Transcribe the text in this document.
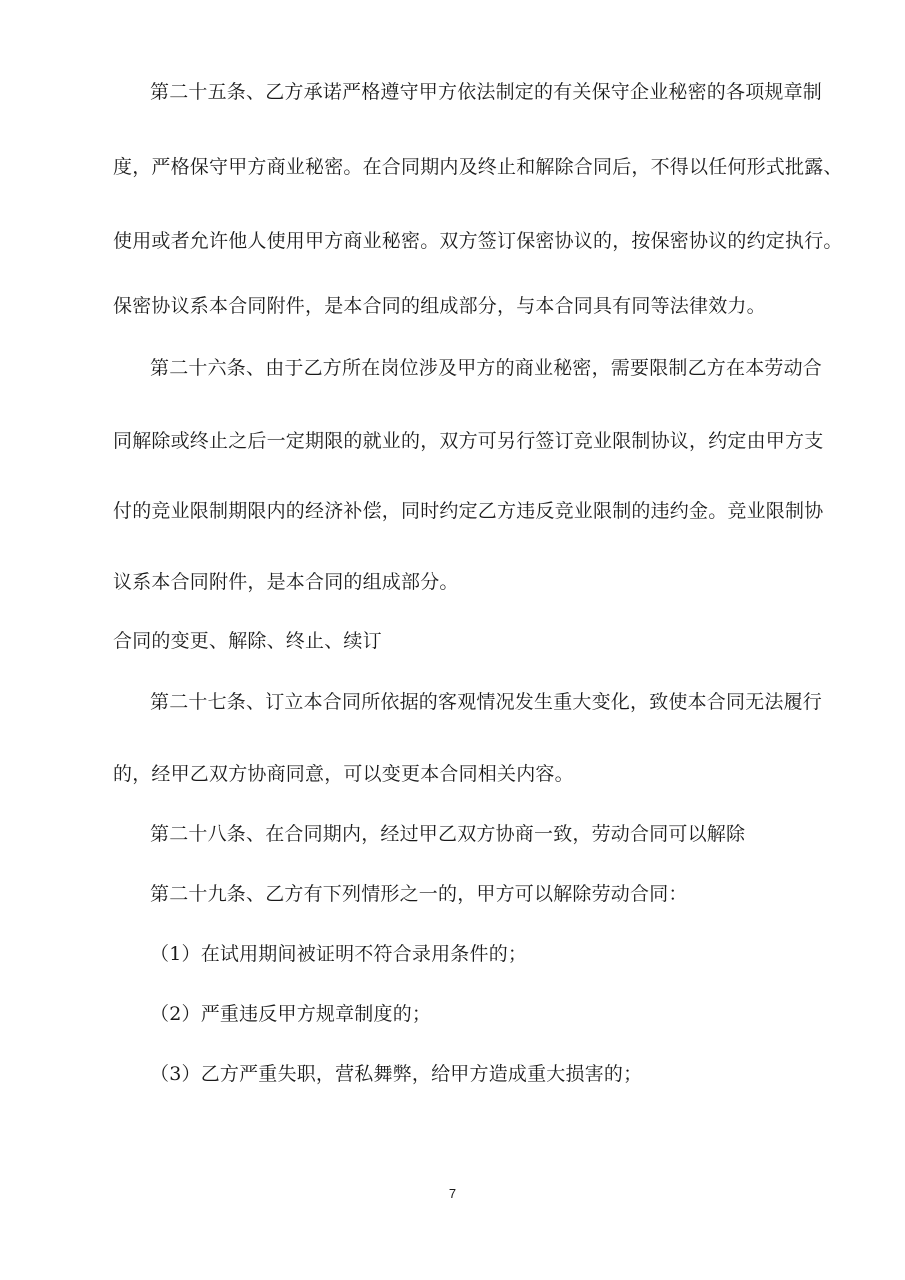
第二十五条、乙方承诺严格遵守甲方依法制定的有关保守企业秘密的各项规章制
度，严格保守甲方商业秘密。在合同期内及终止和解除合同后，不得以任何形式批露、
使用或者允许他人使用甲方商业秘密。双方签订保密协议的，按保密协议的约定执行。
保密协议系本合同附件，是本合同的组成部分，与本合同具有同等法律效力。
第二十六条、由于乙方所在岗位涉及甲方的商业秘密，需要限制乙方在本劳动合
同解除或终止之后一定期限的就业的，双方可另行签订竞业限制协议，约定由甲方支
付的竞业限制期限内的经济补偿，同时约定乙方违反竞业限制的违约金。竞业限制协
议系本合同附件，是本合同的组成部分。
合同的变更、解除、终止、续订
第二十七条、订立本合同所依据的客观情况发生重大变化，致使本合同无法履行
的，经甲乙双方协商同意，可以变更本合同相关内容。
第二十八条、在合同期内，经过甲乙双方协商一致，劳动合同可以解除
第二十九条、乙方有下列情形之一的，甲方可以解除劳动合同：
（1）在试用期间被证明不符合录用条件的；
（2）严重违反甲方规章制度的；
（3）乙方严重失职，营私舞弊，给甲方造成重大损害的；
7
